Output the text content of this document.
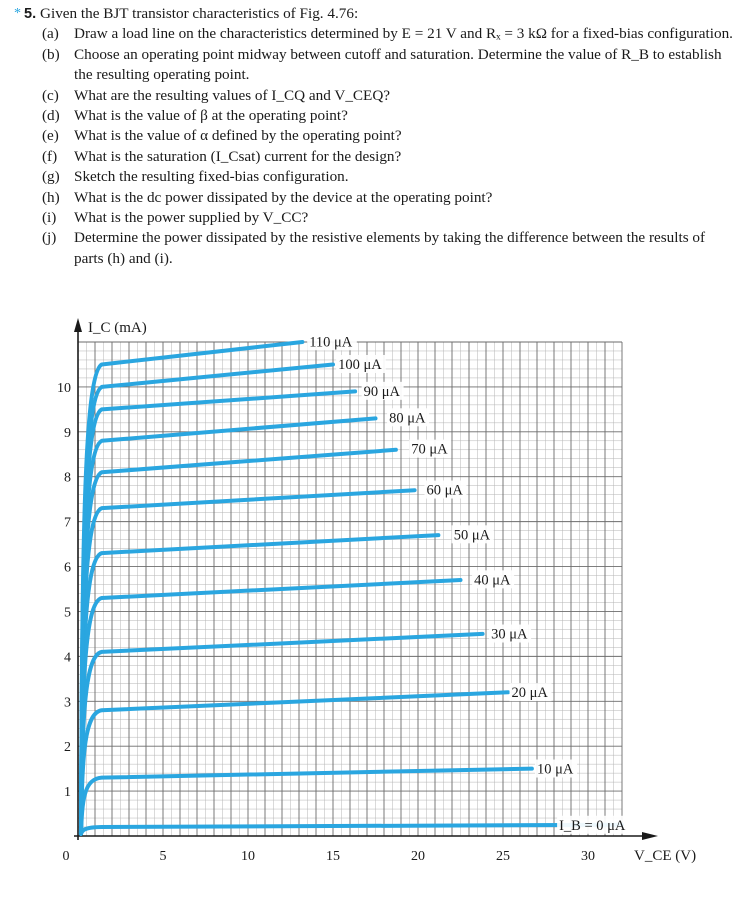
* 5. Given the BJT transistor characteristics of Fig. 4.76:
(a) Draw a load line on the characteristics determined by E = 21 V and Rₓ = 3 kΩ for a fixed-bias configuration.
(b) Choose an operating point midway between cutoff and saturation. Determine the value of R_B to establish the resulting operating point.
(c) What are the resulting values of I_CQ and V_CEQ?
(d) What is the value of β at the operating point?
(e) What is the value of α defined by the operating point?
(f)	What is the saturation (I_Csat) current for the design?
(g) Sketch the resulting fixed-bias configuration.
(h) What is the dc power dissipated by the device at the operating point?
(i)	What is the power supplied by V_CC?
(j)	Determine the power dissipated by the resistive elements by taking the difference between the results of parts (h) and (i).
I_C (mA)
V_CE (V)
I_B = 0 μA
10 μA
20 μA
30 μA
40 μA
50 μA
60 μA
70 μA
80 μA
90 μA
100 μA
110 μA
0	5	10	15	20	25	30
1
2
3
4
5
6
7
8
9
10
